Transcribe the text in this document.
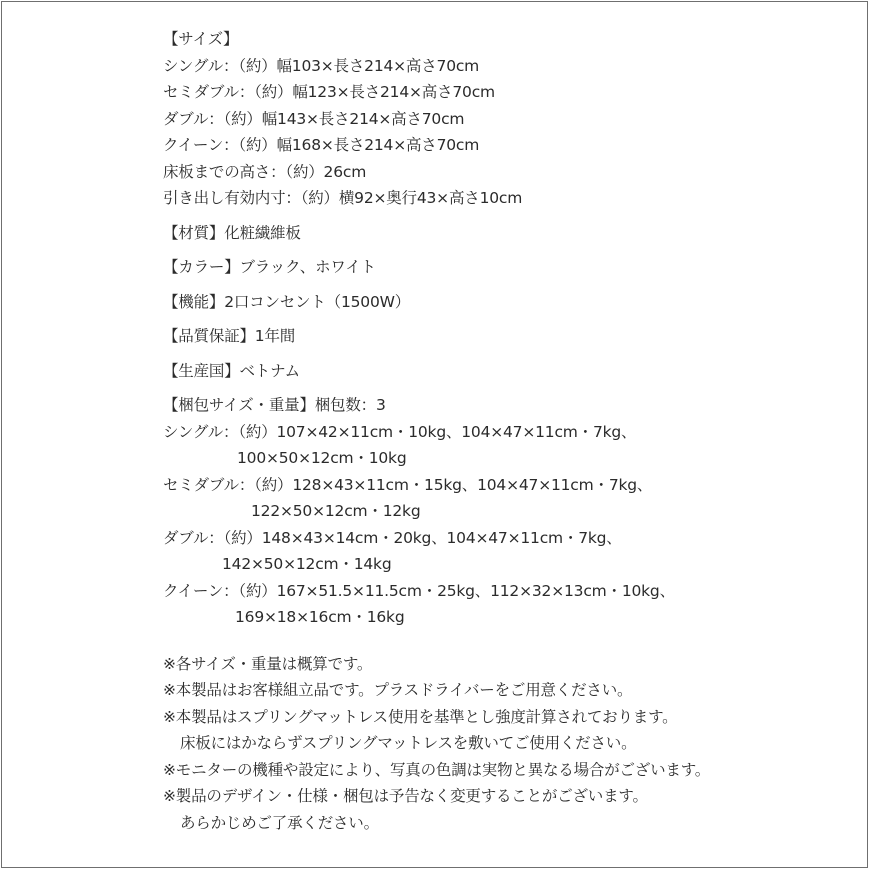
【サイズ】
シングル：（約）幅103×長さ214×高さ70cm
セミダブル：（約）幅123×長さ214×高さ70cm
ダブル：（約）幅143×長さ214×高さ70cm
クイーン：（約）幅168×長さ214×高さ70cm
床板までの高さ：（約）26cm
引き出し有効内寸：（約）横92×奥行43×高さ10cm
【材質】化粧繊維板
【カラー】ブラック、ホワイト
【機能】2口コンセント（1500W）
【品質保証】1年間
【生産国】ベトナム
【梱包サイズ・重量】梱包数：3
シングル：（約）107×42×11cm・10kg、104×47×11cm・7kg、
100×50×12cm・10kg
セミダブル：（約）128×43×11cm・15kg、104×47×11cm・7kg、
122×50×12cm・12kg
ダブル：（約）148×43×14cm・20kg、104×47×11cm・7kg、
142×50×12cm・14kg
クイーン：（約）167×51.5×11.5cm・25kg、112×32×13cm・10kg、
169×18×16cm・16kg
※各サイズ・重量は概算です。
※本製品はお客様組立品です。プラスドライバーをご用意ください。
※本製品はスプリングマットレス使用を基準とし強度計算されております。
床板にはかならずスプリングマットレスを敷いてご使用ください。
※モニターの機種や設定により、写真の色調は実物と異なる場合がございます。
※製品のデザイン・仕様・梱包は予告なく変更することがございます。
あらかじめご了承ください。
